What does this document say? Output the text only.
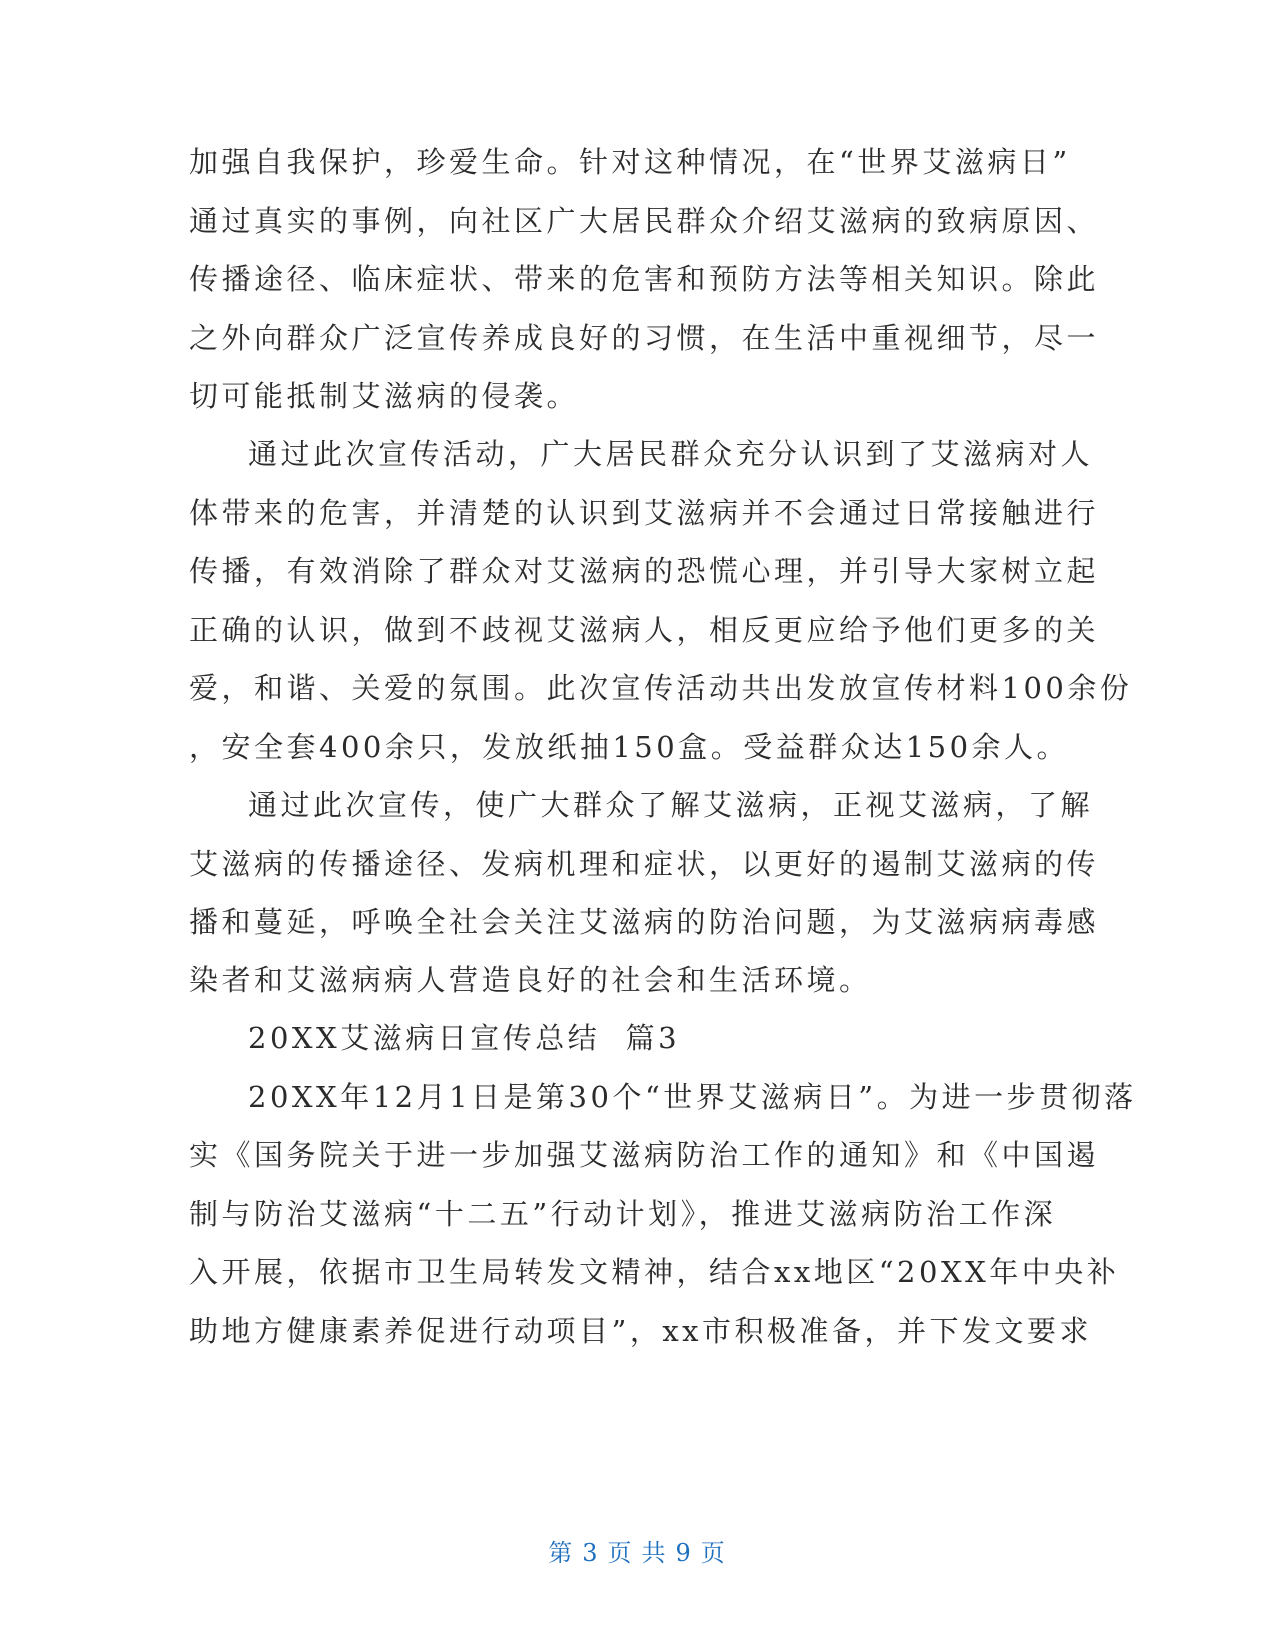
加强自我保护，珍爱生命。针对这种情况，在“世界艾滋病日”
通过真实的事例，向社区广大居民群众介绍艾滋病的致病原因、
传播途径、临床症状、带来的危害和预防方法等相关知识。除此
之外向群众广泛宣传养成良好的习惯，在生活中重视细节，尽一
切可能抵制艾滋病的侵袭。
通过此次宣传活动，广大居民群众充分认识到了艾滋病对人
体带来的危害，并清楚的认识到艾滋病并不会通过日常接触进行
传播，有效消除了群众对艾滋病的恐慌心理，并引导大家树立起
正确的认识，做到不歧视艾滋病人，相反更应给予他们更多的关
爱，和谐、关爱的氛围。此次宣传活动共出发放宣传材料100余份
，安全套400余只，发放纸抽150盒。受益群众达150余人。
通过此次宣传，使广大群众了解艾滋病，正视艾滋病，了解
艾滋病的传播途径、发病机理和症状，以更好的遏制艾滋病的传
播和蔓延，呼唤全社会关注艾滋病的防治问题，为艾滋病病毒感
染者和艾滋病病人营造良好的社会和生活环境。
20XX艾滋病日宣传总结  篇3
20XX年12月1日是第30个“世界艾滋病日”。为进一步贯彻落
实《国务院关于进一步加强艾滋病防治工作的通知》和《中国遏
制与防治艾滋病“十二五”行动计划》，推进艾滋病防治工作深
入开展，依据市卫生局转发文精神，结合xx地区“20XX年中央补
助地方健康素养促进行动项目”，xx市积极准备，并下发文要求
第 3 页 共 9 页
